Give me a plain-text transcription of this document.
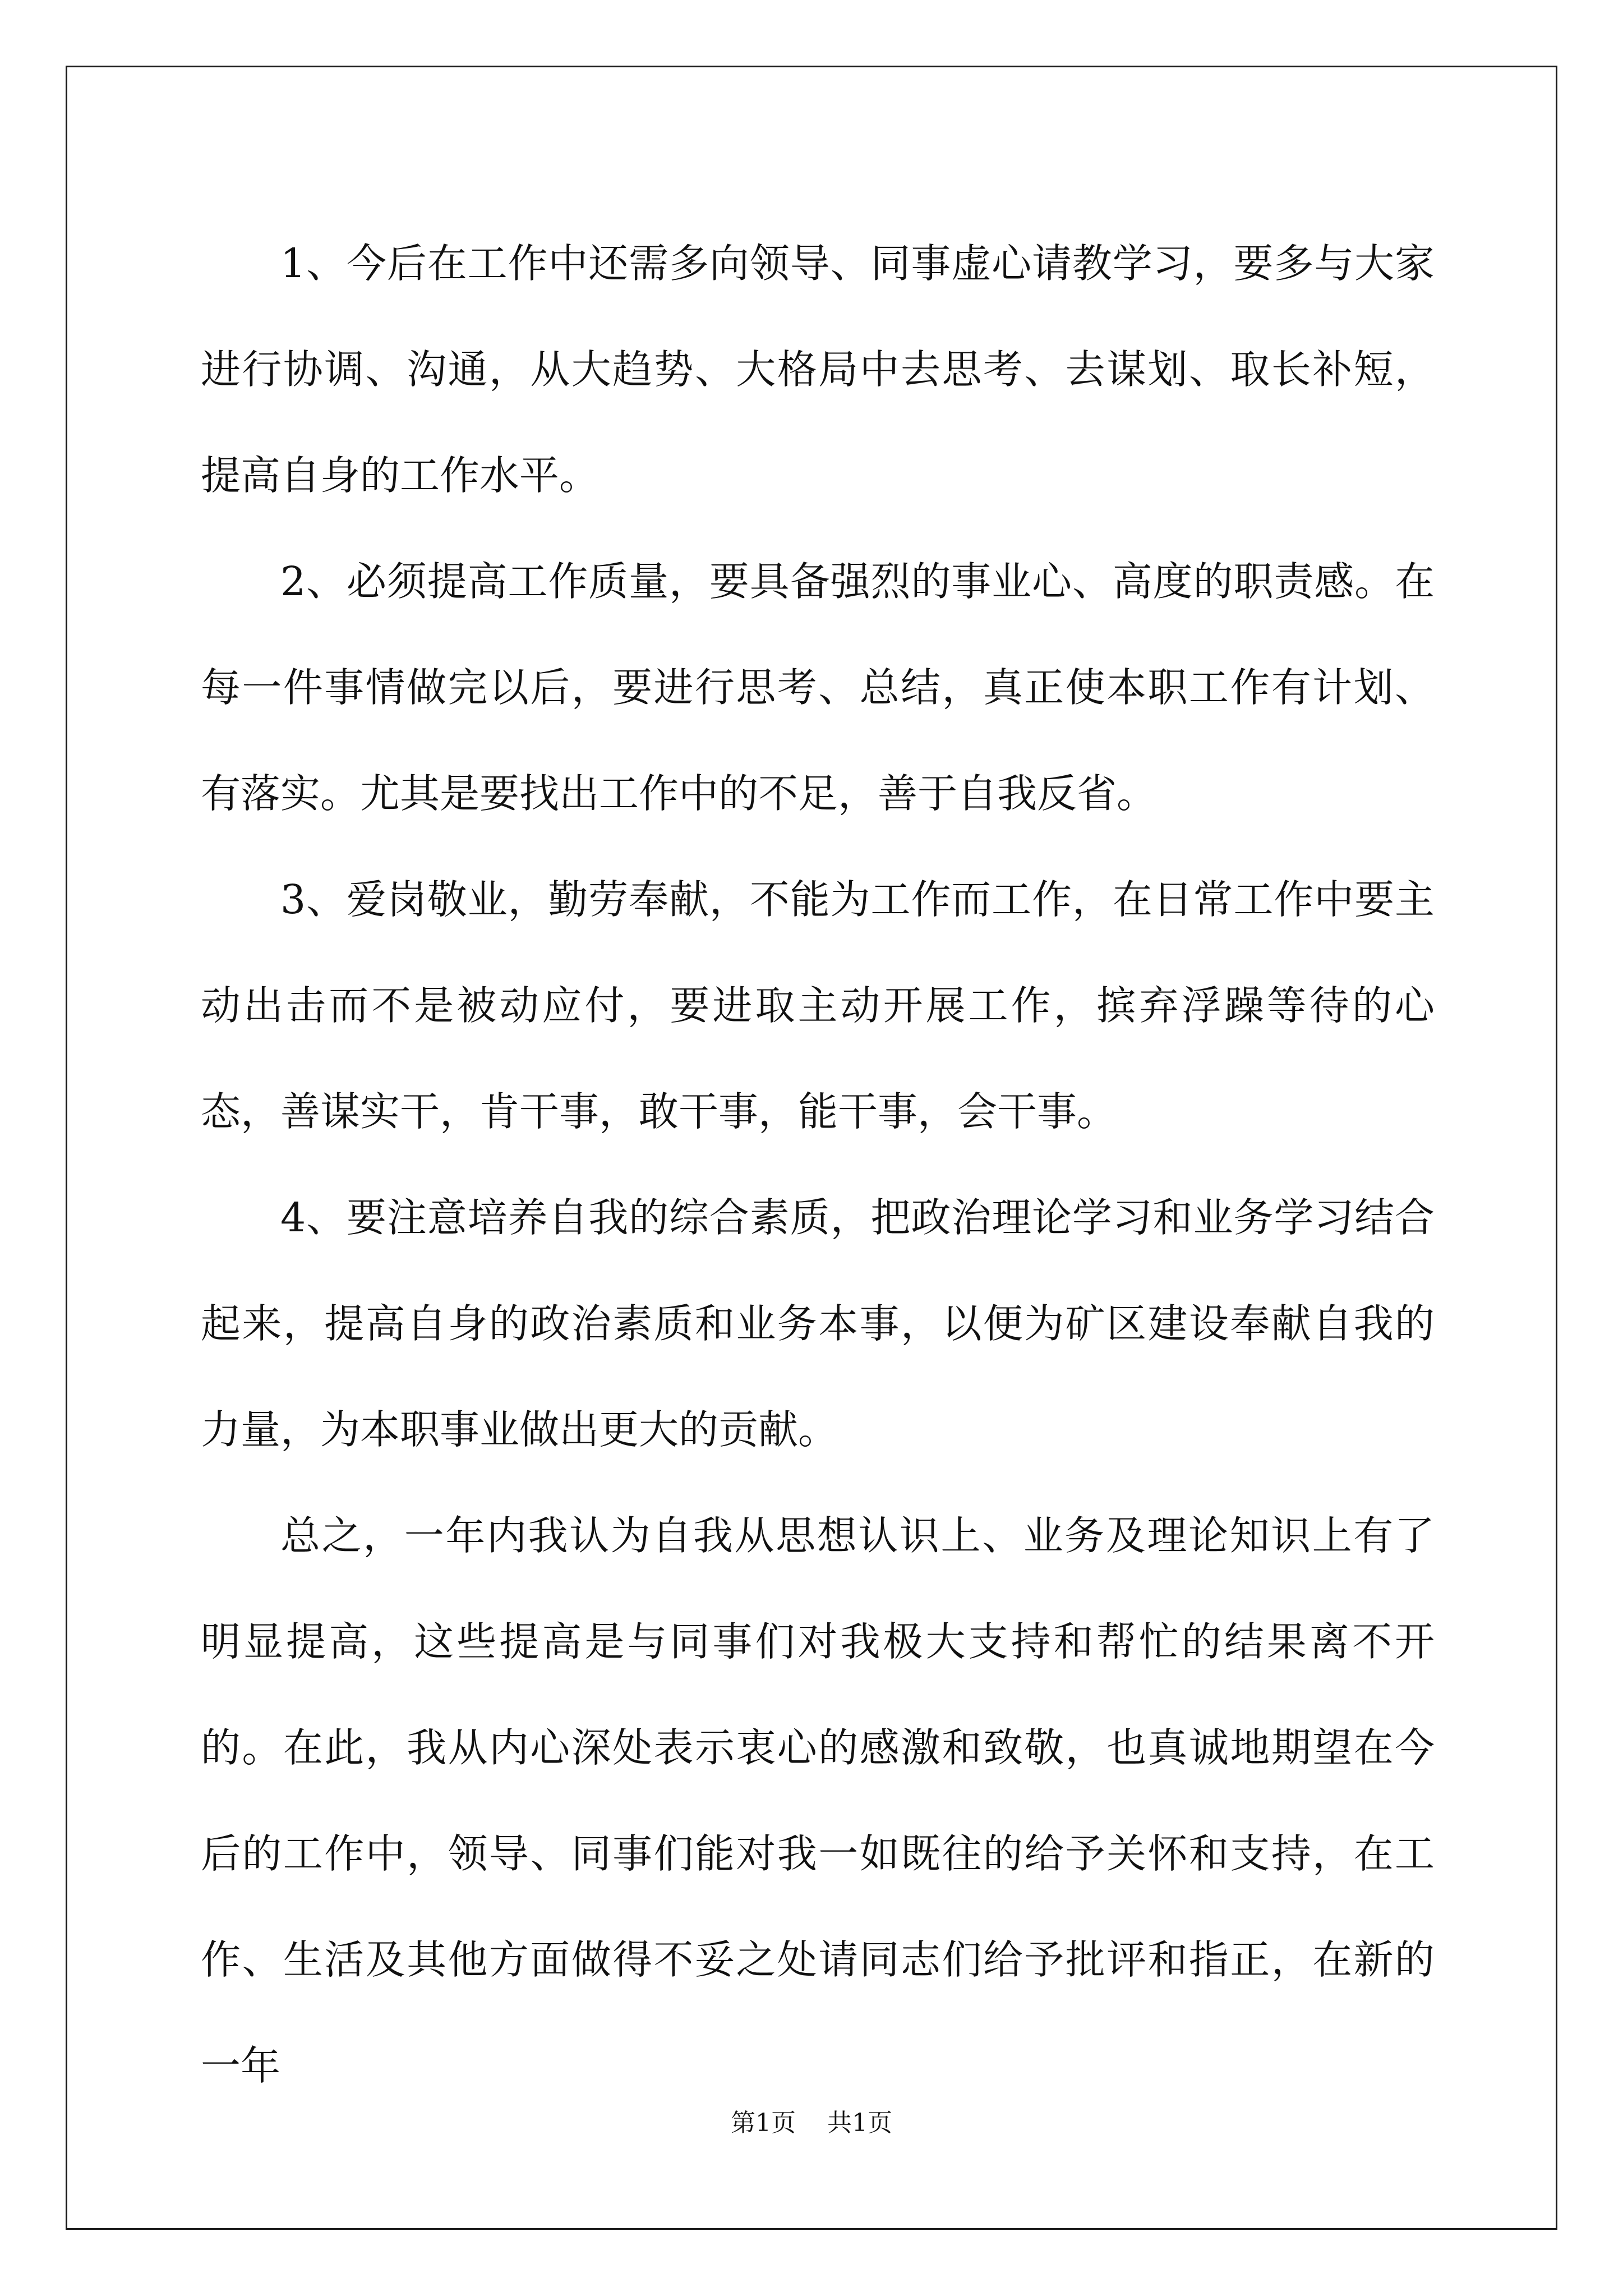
1、今后在工作中还需多向领导、同事虚心请教学习，要多与大家进行协调、沟通，从大趋势、大格局中去思考、去谋划、取长补短，提高自身的工作水平。

2、必须提高工作质量，要具备强烈的事业心、高度的职责感。在每一件事情做完以后，要进行思考、总结，真正使本职工作有计划、有落实。尤其是要找出工作中的不足，善于自我反省。

3、爱岗敬业，勤劳奉献，不能为工作而工作，在日常工作中要主动出击而不是被动应付，要进取主动开展工作，摈弃浮躁等待的心态，善谋实干，肯干事，敢干事，能干事，会干事。

4、要注意培养自我的综合素质，把政治理论学习和业务学习结合起来，提高自身的政治素质和业务本事，以便为矿区建设奉献自我的力量，为本职事业做出更大的贡献。

总之，一年内我认为自我从思想认识上、业务及理论知识上有了明显提高，这些提高是与同事们对我极大支持和帮忙的结果离不开的。在此，我从内心深处表示衷心的感激和致敬，也真诚地期望在今后的工作中，领导、同事们能对我一如既往的给予关怀和支持，在工作、生活及其他方面做得不妥之处请同志们给予批评和指正，在新的一年

第1页 共1页
